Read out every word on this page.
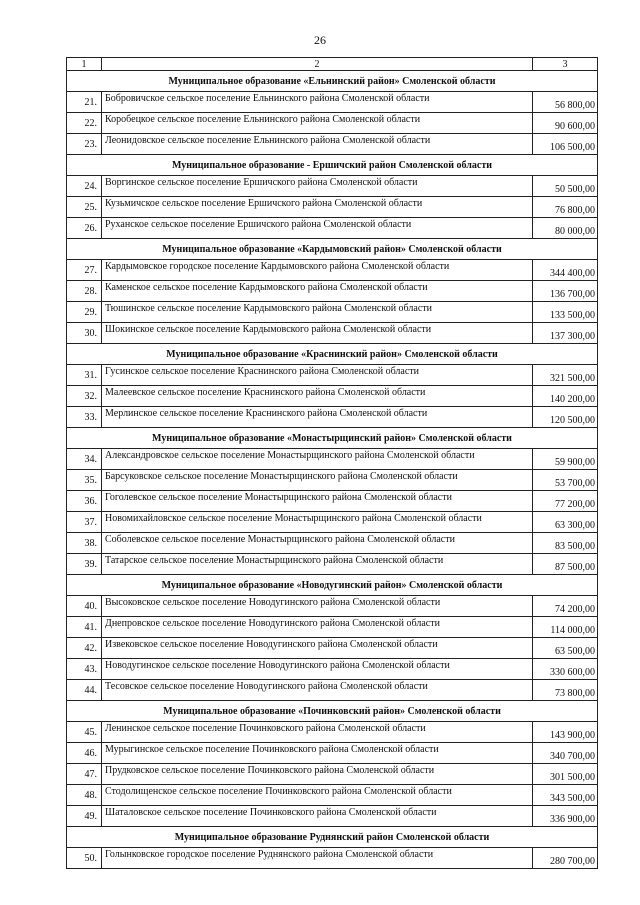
26
1	2	3
Муниципальное образование «Ельнинский район» Смоленской области		
21.	Бобровичское сельское поселение Ельнинского района Смоленской области	56 800,00
22.	Коробецкое сельское поселение Ельнинского района Смоленской области	90 600,00
23.	Леонидовское сельское поселение Ельнинского района Смоленской области	106 500,00
Муниципальное образование - Ершичский район Смоленской области		
24.	Воргинское сельское поселение Ершичского района Смоленской области	50 500,00
25.	Кузьмичское сельское поселение Ершичского района Смоленской области	76 800,00
26.	Руханское сельское поселение Ершичского района Смоленской области	80 000,00
Муниципальное образование «Кардымовский район» Смоленской области		
27.	Кардымовское городское поселение Кардымовского района Смоленской области	344 400,00
28.	Каменское сельское поселение Кардымовского района Смоленской области	136 700,00
29.	Тюшинское сельское поселение Кардымовского района Смоленской области	133 500,00
30.	Шокинское сельское поселение Кардымовского района Смоленской области	137 300,00
Муниципальное образование «Краснинский район» Смоленской области		
31.	Гусинское сельское поселение Краснинского района Смоленской области	321 500,00
32.	Малеевское сельское поселение Краснинского района Смоленской области	140 200,00
33.	Мерлинское сельское поселение Краснинского района Смоленской области	120 500,00
Муниципальное образование «Монастырщинский район» Смоленской области		
34.	Александровское сельское поселение Монастырщинского района Смоленской области	59 900,00
35.	Барсуковское сельское поселение Монастырщинского района Смоленской области	53 700,00
36.	Гоголевское сельское поселение Монастырщинского района Смоленской области	77 200,00
37.	Новомихайловское сельское поселение Монастырщинского района Смоленской области	63 300,00
38.	Соболевское сельское поселение Монастырщинского района Смоленской области	83 500,00
39.	Татарское сельское поселение Монастырщинского района Смоленской области	87 500,00
Муниципальное образование «Новодугинский район» Смоленской области		
40.	Высоковское сельское поселение Новодугинского района Смоленской области	74 200,00
41.	Днепровское сельское поселение Новодугинского района Смоленской области	114 000,00
42.	Извековское сельское поселение Новодугинского района Смоленской области	63 500,00
43.	Новодугинское сельское поселение Новодугинского района Смоленской области	330 600,00
44.	Тесовское сельское поселение Новодугинского района Смоленской области	73 800,00
Муниципальное образование «Починковский район» Смоленской области		
45.	Ленинское сельское поселение Починковского района Смоленской области	143 900,00
46.	Мурыгинское сельское поселение Починковского района Смоленской области	340 700,00
47.	Прудковское сельское поселение Починковского района Смоленской области	301 500,00
48.	Стодолищенское сельское поселение Починковского района Смоленской области	343 500,00
49.	Шаталовское сельское поселение Починковского района Смоленской области	336 900,00
Муниципальное образование Руднянский район Смоленской области		
50.	Голынковское городское поселение Руднянского района Смоленской области	280 700,00
